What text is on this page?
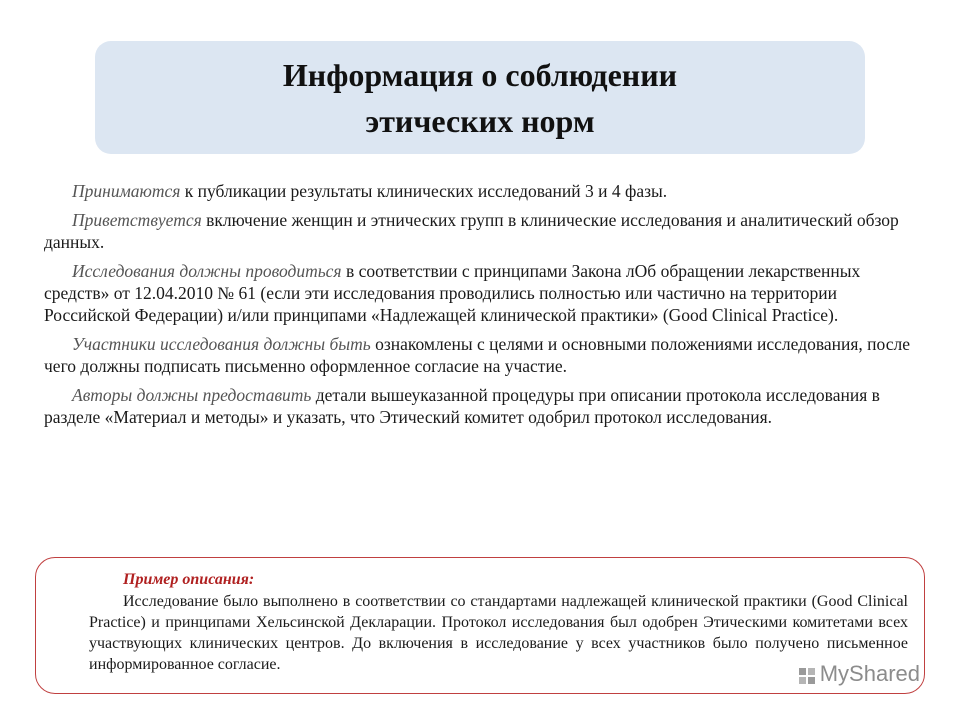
Информация о соблюдении
этических норм

Принимаются к публикации результаты клинических исследований 3 и 4 фазы.

Приветствуется включение женщин и этнических групп в клинические исследования и аналитический обзор данных.

Исследования должны проводиться в соответствии с принципами Закона лОб обращении лекарственных средств» от 12.04.2010 № 61 (если эти исследования проводились полностью или частично на территории Российской Федерации) и/или принципами «Надлежащей клинической практики» (Good Clinical Practice).

Участники исследования должны быть ознакомлены с целями и основными положениями исследования, после чего должны подписать письменно оформленное согласие на участие.

Авторы должны предоставить детали вышеуказанной процедуры при описании протокола исследования в разделе «Материал и методы» и указать, что Этический комитет одобрил протокол исследования.

Пример описания:
Исследование было выполнено в соответствии со стандартами надлежащей клинической практики (Good Clinical Practice) и принципами Хельсинской Декларации. Протокол исследования был одобрен Этическими комитетами всех участвующих клинических центров. До включения в исследование у всех участников было получено письменное информированное согласие.	MyShared
